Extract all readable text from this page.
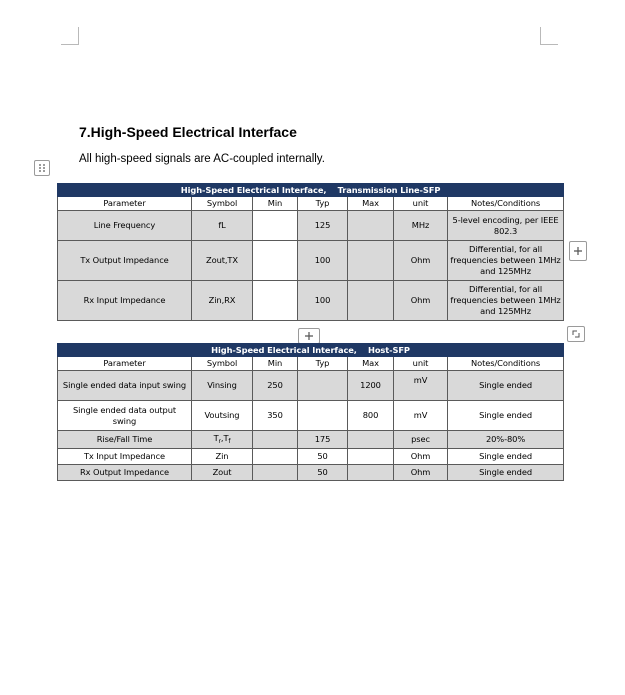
7.High-Speed Electrical Interface
All high-speed signals are AC-coupled internally.
High-Speed Electrical Interface,    Transmission Line-SFP						
Parameter	Symbol	Min	Typ	Max	unit	Notes/Conditions
Line Frequency	fL		125		MHz	5-level encoding, per IEEE 802.3
Tx Output Impedance	Zout,TX		100		Ohm	Differential, for all frequencies between 1MHz and 125MHz
Rx Input Impedance	Zin,RX		100		Ohm	Differential, for all frequencies between 1MHz and 125MHz
High-Speed Electrical Interface,    Host-SFP						
Parameter	Symbol	Min	Typ	Max	unit	Notes/Conditions
Single ended data input swing	Vinsing	250		1200	mV	Single ended
Single ended data output swing	Voutsing	350		800	mV	Single ended
Rise/Fall Time	$T_r,T_f$		175		psec	20%-80%
Tx Input Impedance	Zin		50		Ohm	Single ended
Rx Output Impedance	Zout		50		Ohm	Single ended
